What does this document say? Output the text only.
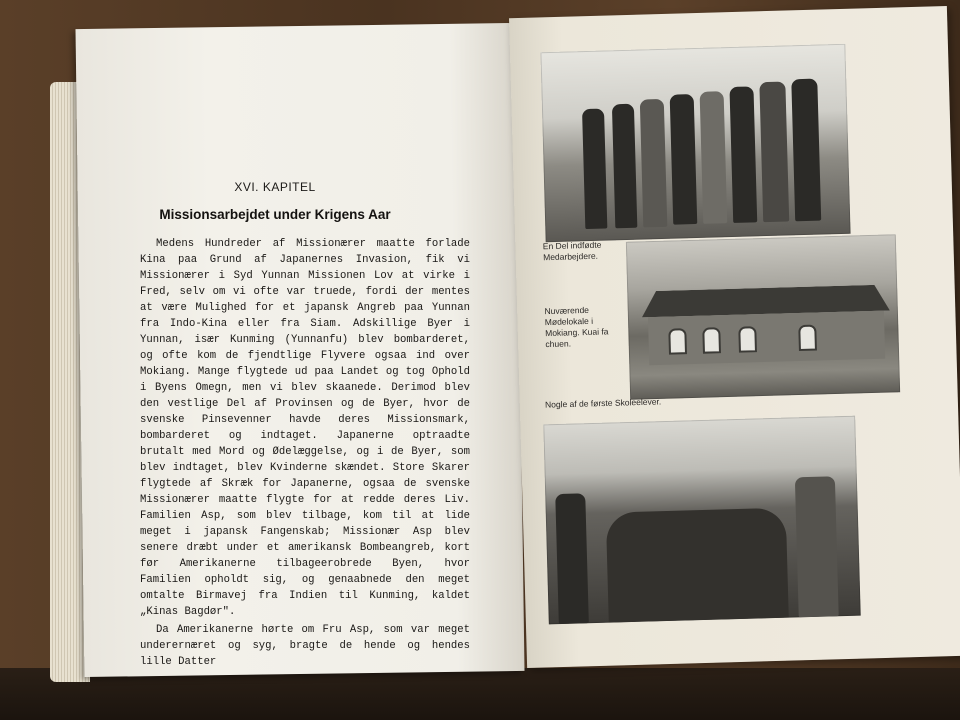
XVI. KAPITEL
Missionsarbejdet under Krigens Aar

Medens Hundreder af Missionærer maatte forlade Kina paa Grund af Japanernes Invasion, fik vi Missionærer i Syd Yunnan Missionen Lov at virke i Fred, selv om vi ofte var truede, fordi der mentes at være Mulighed for et japansk Angreb paa Yunnan fra Indo-Kina eller fra Siam. Adskillige Byer i Yunnan, især Kunming (Yunnanfu) blev bombarderet, og ofte kom de fjendtlige Flyvere ogsaa ind over Mokiang. Mange flygtede ud paa Landet og tog Ophold i Byens Omegn, men vi blev skaanede. Derimod blev den vestlige Del af Provinsen og de Byer, hvor de svenske Pinsevenner havde deres Missionsmark, bombarderet og indtaget. Japanerne optraadte brutalt med Mord og Ødelæggelse, og i de Byer, som blev indtaget, blev Kvinderne skændet. Store Skarer flygtede af Skræk for Japanerne, ogsaa de svenske Missionærer maatte flygte for at redde deres Liv. Familien Asp, som blev tilbage, kom til at lide meget i japansk Fangenskab; Missionær Asp blev senere dræbt under et amerikansk Bombeangreb, kort før Amerikanerne tilbageerobrede Byen, hvor Familien opholdt sig, og genaabnede den meget omtalte Birmavej fra Indien til Kunming, kaldet „Kinas Bagdør".

Da Amerikanerne hørte om Fru Asp, som var meget underernæret og syg, bragte de hende og hendes lille Datter

En Del indfødte Medarbejdere.
Nuværende Mødelokale i Mokiang. Kuai fa chuen.
Nogle af de første Skoleelever.
